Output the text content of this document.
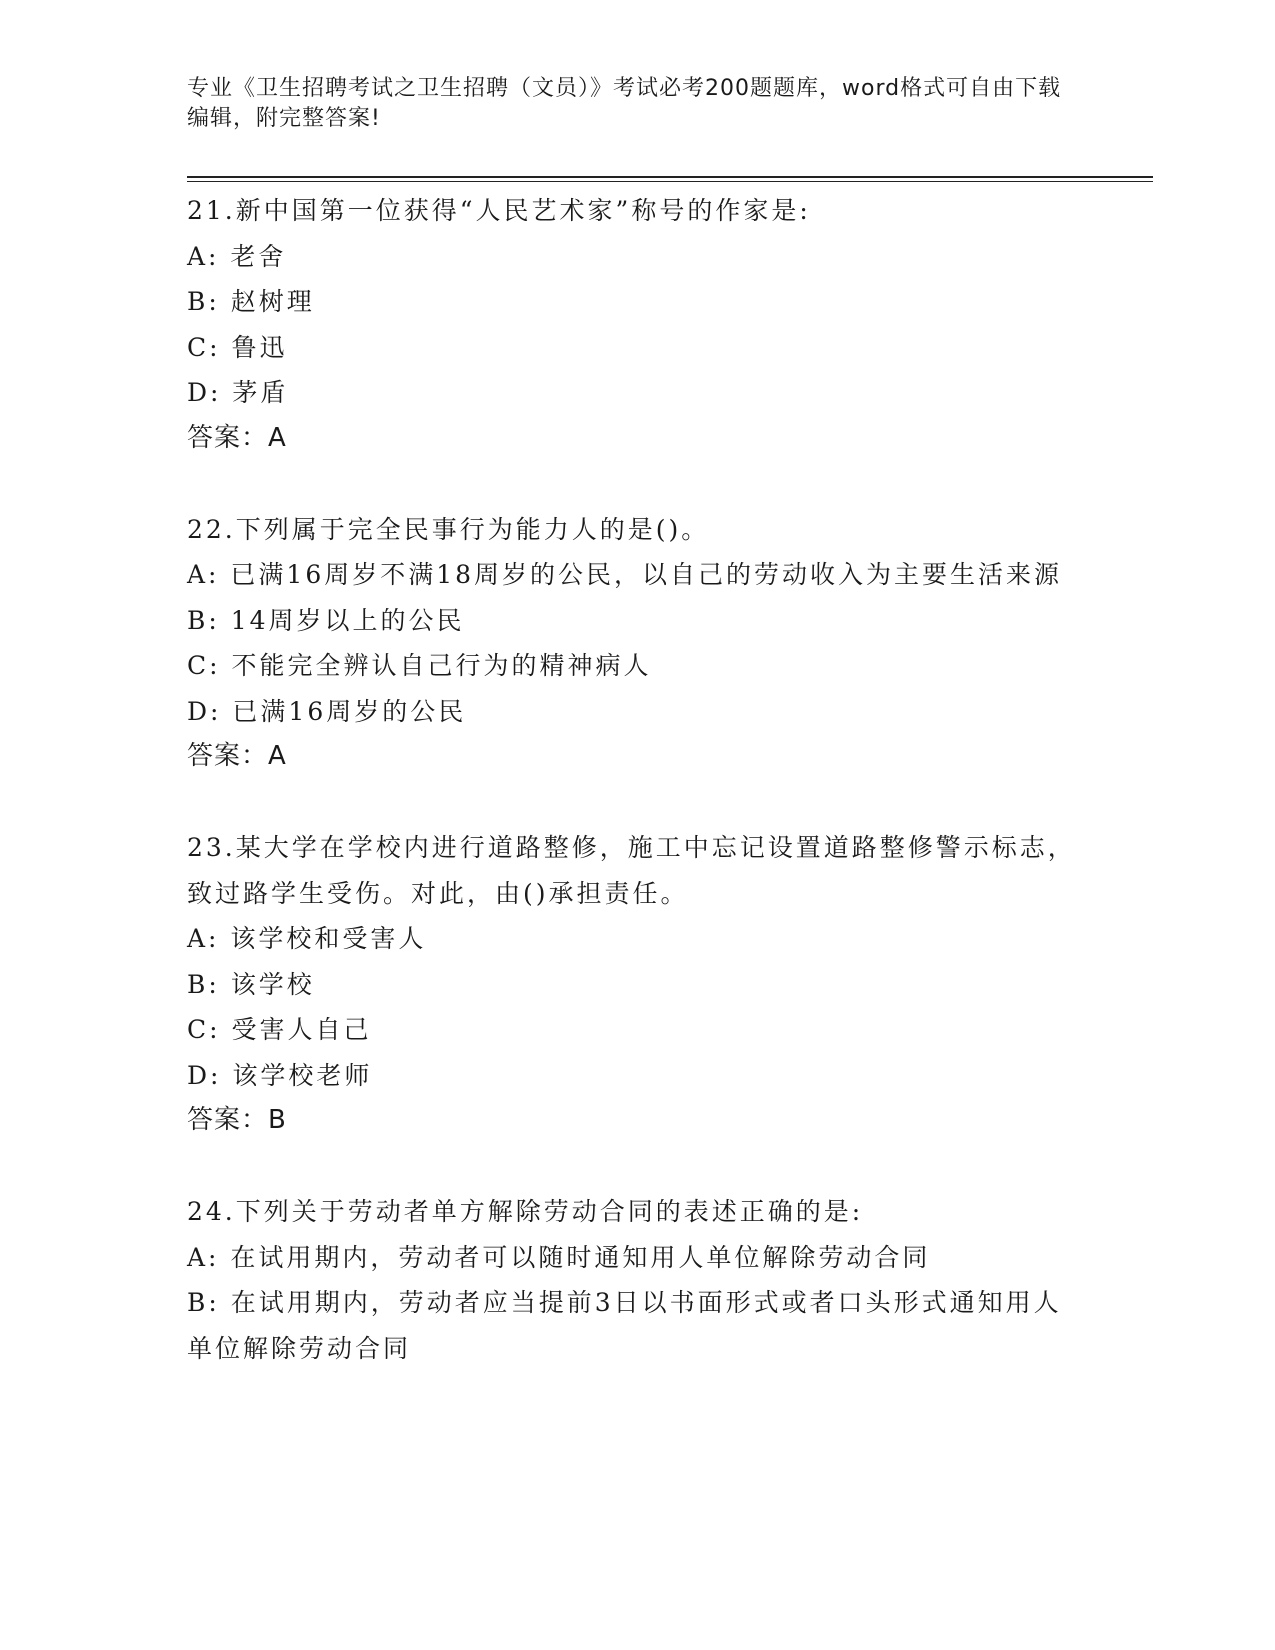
专业《卫生招聘考试之卫生招聘（文员）》考试必考200题题库，word格式可自由下载编辑，附完整答案!
21.新中国第一位获得“人民艺术家”称号的作家是:
A: 老舍
B: 赵树理
C: 鲁迅
D: 茅盾
答案：A
22.下列属于完全民事行为能力人的是()。
A: 已满16周岁不满18周岁的公民，以自己的劳动收入为主要生活来源
B: 14周岁以上的公民
C: 不能完全辨认自己行为的精神病人
D: 已满16周岁的公民
答案：A
23.某大学在学校内进行道路整修，施工中忘记设置道路整修警示标志，致过路学生受伤。对此，由()承担责任。
A: 该学校和受害人
B: 该学校
C: 受害人自己
D: 该学校老师
答案：B
24.下列关于劳动者单方解除劳动合同的表述正确的是:
A: 在试用期内，劳动者可以随时通知用人单位解除劳动合同
B: 在试用期内，劳动者应当提前3日以书面形式或者口头形式通知用人单位解除劳动合同
